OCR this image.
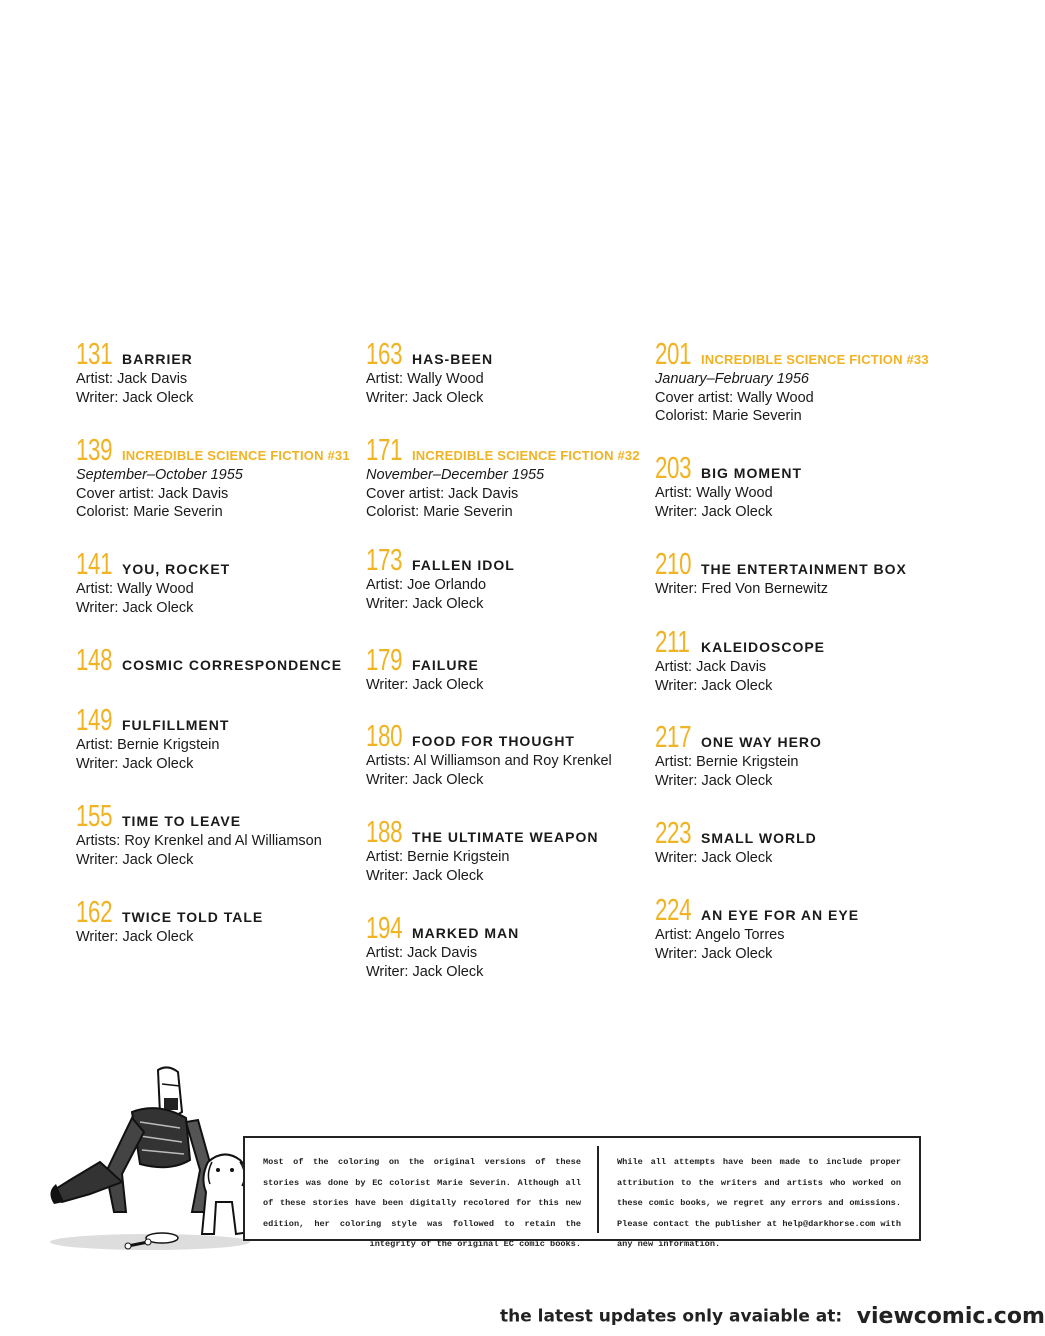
131 BARRIER
Artist: Jack Davis
Writer: Jack Oleck
139 INCREDIBLE SCIENCE FICTION #31
September–October 1955
Cover artist: Jack Davis
Colorist: Marie Severin
141 YOU, ROCKET
Artist: Wally Wood
Writer: Jack Oleck
148 COSMIC CORRESPONDENCE
149 FULFILLMENT
Artist: Bernie Krigstein
Writer: Jack Oleck
155 TIME TO LEAVE
Artists: Roy Krenkel and Al Williamson
Writer: Jack Oleck
162 TWICE TOLD TALE
Writer: Jack Oleck
163 HAS-BEEN
Artist: Wally Wood
Writer: Jack Oleck
171 INCREDIBLE SCIENCE FICTION #32
November–December 1955
Cover artist: Jack Davis
Colorist: Marie Severin
173 FALLEN IDOL
Artist: Joe Orlando
Writer: Jack Oleck
179 FAILURE
Writer: Jack Oleck
180 FOOD FOR THOUGHT
Artists: Al Williamson and Roy Krenkel
Writer: Jack Oleck
188 THE ULTIMATE WEAPON
Artist: Bernie Krigstein
Writer: Jack Oleck
194 MARKED MAN
Artist: Jack Davis
Writer: Jack Oleck
201 INCREDIBLE SCIENCE FICTION #33
January–February 1956
Cover artist: Wally Wood
Colorist: Marie Severin
203 BIG MOMENT
Artist: Wally Wood
Writer: Jack Oleck
210 THE ENTERTAINMENT BOX
Writer: Fred Von Bernewitz
211 KALEIDOSCOPE
Artist: Jack Davis
Writer: Jack Oleck
217 ONE WAY HERO
Artist: Bernie Krigstein
Writer: Jack Oleck
223 SMALL WORLD
Writer: Jack Oleck
224 AN EYE FOR AN EYE
Artist: Angelo Torres
Writer: Jack Oleck
Most of the coloring on the original versions of these stories was done by EC colorist Marie Severin. Although all of these stories have been digitally recolored for this new edition, her coloring style was followed to retain the integrity of the original EC comic books.
While all attempts have been made to include proper attribution to the writers and artists who worked on these comic books, we regret any errors and omissions. Please contact the publisher at help@darkhorse.com with any new information.
the latest updates only avaiable at: viewcomic.com
